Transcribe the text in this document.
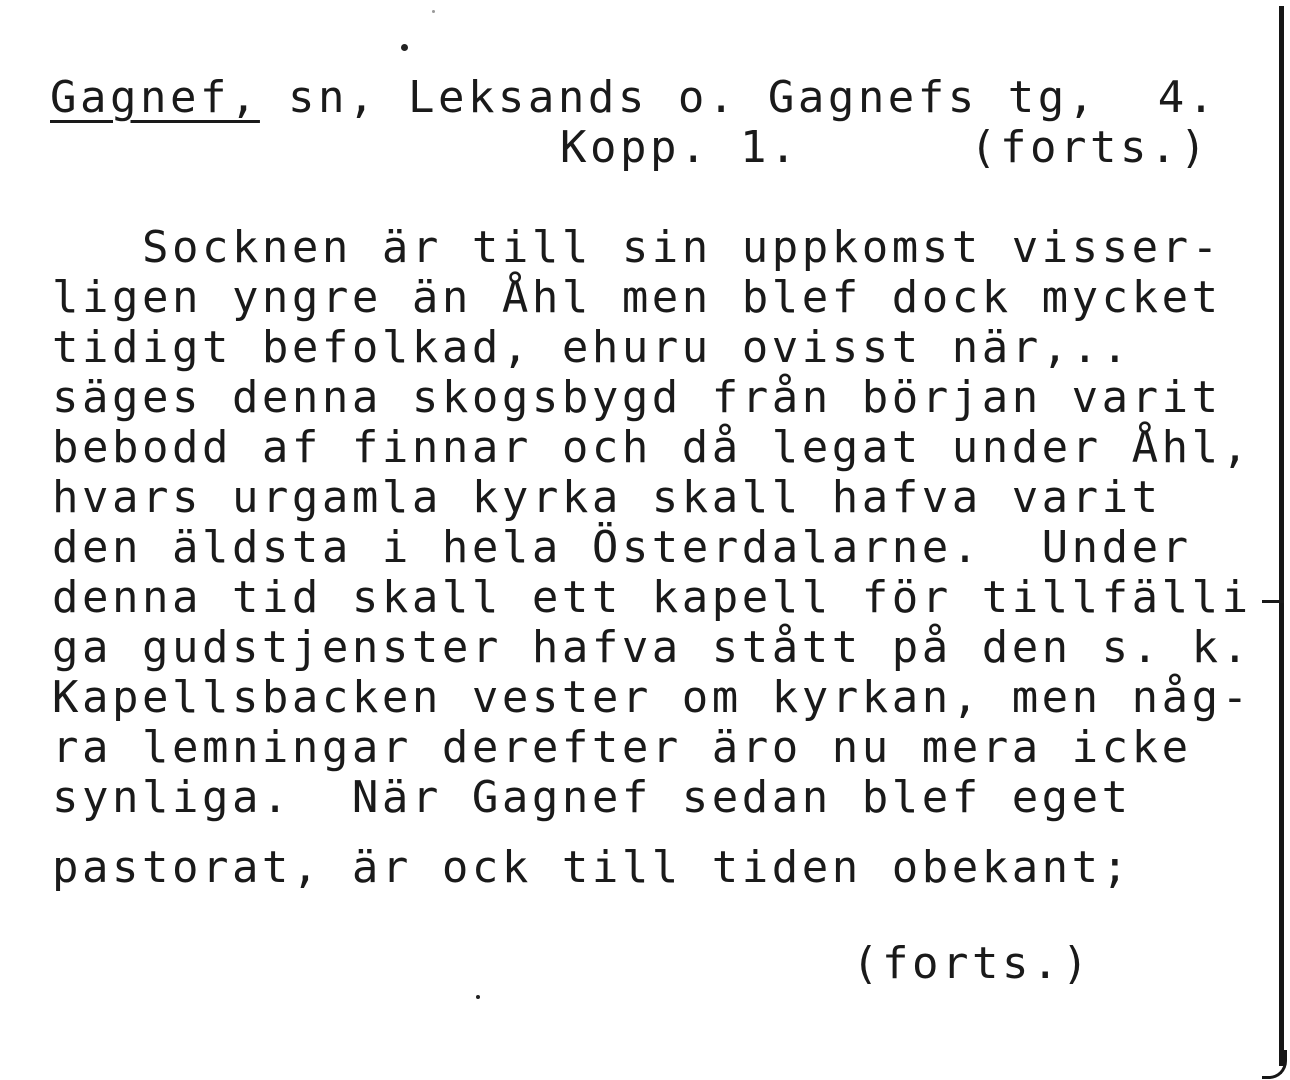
Gagnef, sn, Leksands o. Gagnefs tg,  4.

Kopp. 1.	(forts.)

Socknen är till sin uppkomst visser-

ligen yngre än Åhl men blef dock mycket

tidigt befolkad, ehuru ovisst när,..

säges denna skogsbygd från början varit

bebodd af finnar och då legat under Åhl,

hvars urgamla kyrka skall hafva varit

den äldsta i hela Österdalarne.  Under

denna tid skall ett kapell för tillfälli

ga gudstjenster hafva stått på den s. k.

Kapellsbacken vester om kyrkan, men någ-

ra lemningar derefter äro nu mera icke

synliga.  När Gagnef sedan blef eget

pastorat, är ock till tiden obekant;

(forts.)
